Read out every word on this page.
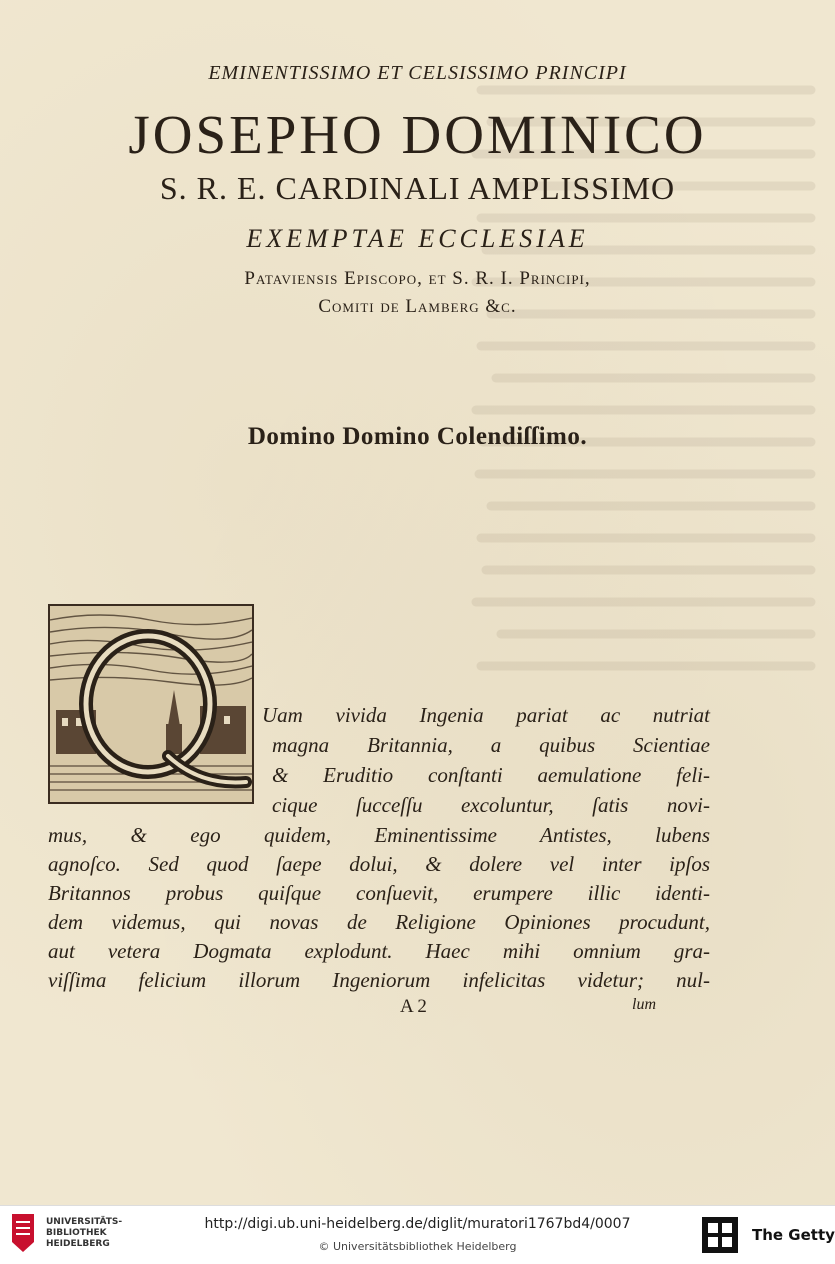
EMINENTISSIMO ET CELSISSIMO PRINCIPI
JOSEPHO DOMINICO
S. R. E. CARDINALI AMPLISSIMO
EXEMPTAE ECCLESIAE
Pataviensis Episcopo, et S. R. I. Principi,
Comiti de Lamberg &c.
Domino Domino Colendiſſimo.
Uam vivida Ingenia pariat ac nutriat
magna Britannia, a quibus Scientiae
& Eruditio conſtanti aemulatione feli-
cique ſucceſſu excoluntur, ſatis novi-
mus, & ego quidem, Eminentissime Antistes, lubens
agnoſco. Sed quod ſaepe dolui, & dolere vel inter ipſos
Britannos probus quiſque conſuevit, erumpere illic identi-
dem videmus, qui novas de Religione Opiniones procudunt,
aut vetera Dogmata explodunt. Haec mihi omnium gra-
viſſima felicium illorum Ingeniorum infelicitas videtur; nul-
A 2	lum
UNIVERSITÄTS-
BIBLIOTHEK
HEIDELBERG
http://digi.ub.uni-heidelberg.de/diglit/muratori1767bd4/0007
© Universitätsbibliothek Heidelberg
The Getty
